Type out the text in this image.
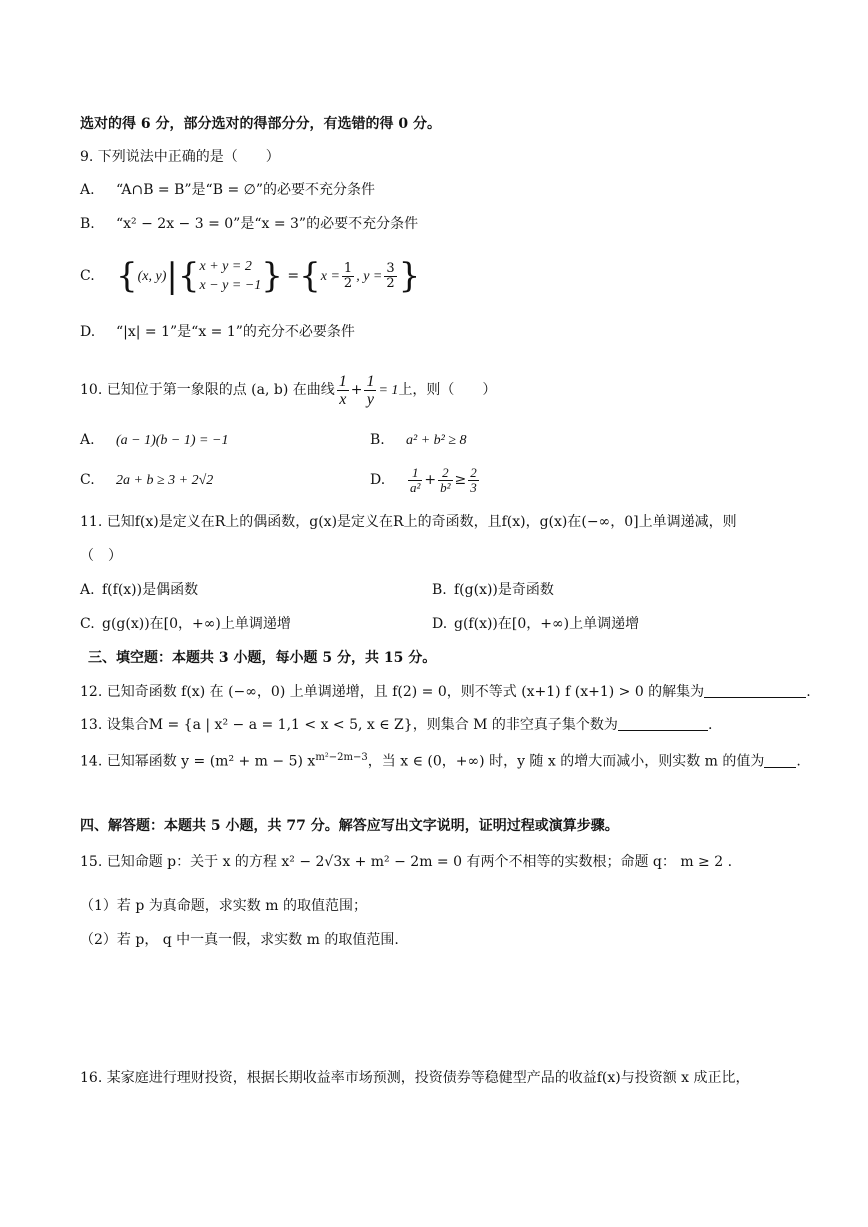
选对的得 6 分，部分选对的得部分分，有选错的得 0 分。
9. 下列说法中正确的是（　　）
A. “A∩B = B”是“B = ∅”的必要不充分条件
B. “x² − 2x − 3 = 0”是“x = 3”的必要不充分条件
C. {(x, y)|{ x + y = 2
x − y = −1 } $=\{x = \frac{1}{2}$ , $y = \frac{3}{2}$ }
D. “|x| = 1”是“x = 1”的充分不必要条件
10. 已知位于第一象限的点 (a, b) 在曲线 $\frac{1}{x} + \frac{1}{y} = 1$上，则（　　）
A. (a − 1)(b − 1) = −1	B. a² + b² ≥ 8
C. 2a + b ≥ 3 + 2√2	D. $\frac{1}{\text{a²}} + \frac{2}{\text{b²}} \ge \frac{2}{3}$
11. 已知f(x)是定义在R上的偶函数，g(x)是定义在R上的奇函数，且f(x)，g(x)在(−∞，0]上单调递减，则
（　）
A. f(f(x))是偶函数	B. f(g(x))是奇函数
C. g(g(x))在[0，+∞)上单调递增	D. g(f(x))在[0，+∞)上单调递增
三、填空题：本题共 3 小题，每小题 5 分，共 15 分。
12. 已知奇函数 f(x) 在 (−∞，0) 上单调递增，且 f(2) = 0，则不等式 (x+1) f (x+1) > 0 的解集为	.
13. 设集合M = {a | x² − a = 1,1 < x < 5, x ∈ Z}，则集合 M 的非空真子集个数为	.
14. 已知幂函数 y = (m² + m − 5) $x^{m^2-2m-3}$，当 x ∈ (0，+∞) 时，y 随 x 的增大而减小，则实数 m 的值为 .
四、解答题：本题共 5 小题，共 77 分。解答应写出文字说明，证明过程或演算步骤。
15. 已知命题 p：关于 x 的方程 x² − 2√3x + m² − 2m = 0 有两个不相等的实数根；命题 q： m ≥ 2 .
（1）若 p 为真命题，求实数 m 的取值范围；
（2）若 p， q 中一真一假，求实数 m 的取值范围.
16. 某家庭进行理财投资，根据长期收益率市场预测，投资债券等稳健型产品的收益f(x)与投资额 x 成正比，
